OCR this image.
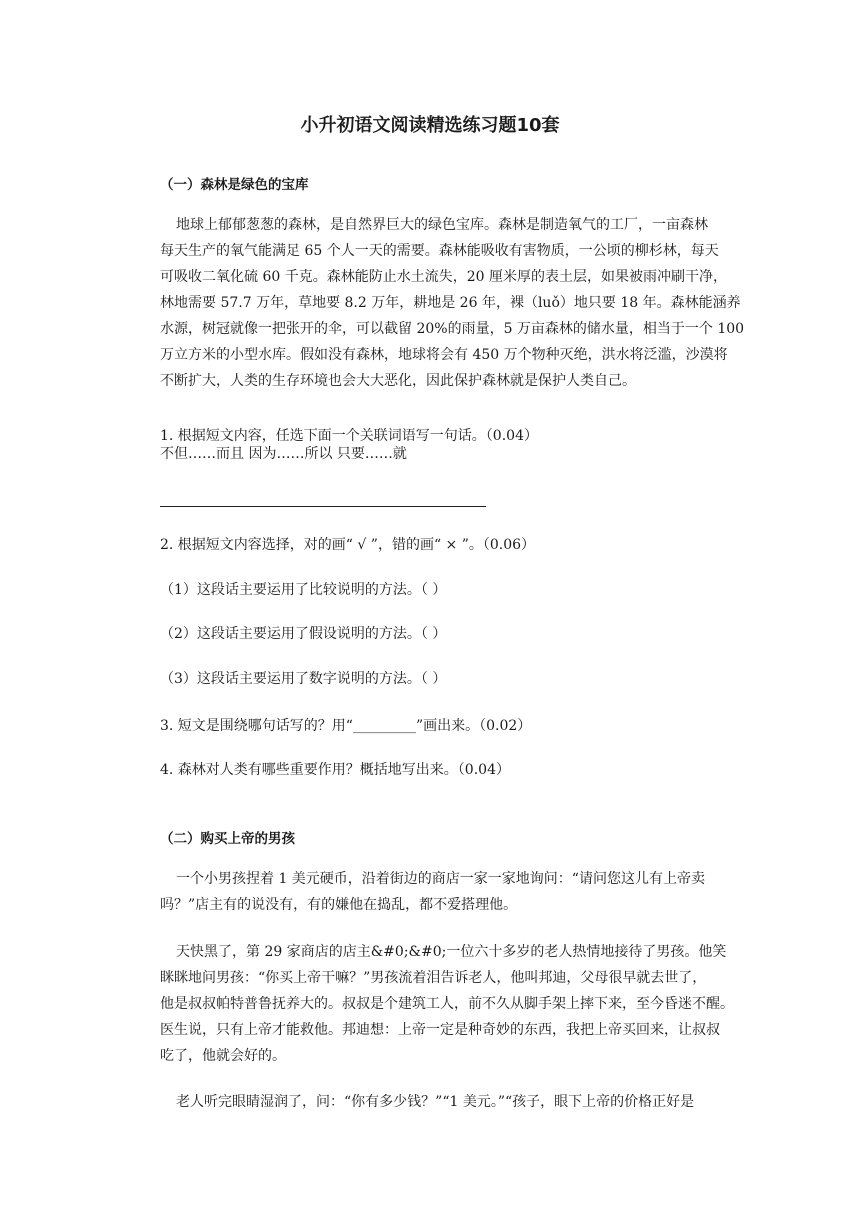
小升初语文阅读精选练习题10套
（一）森林是绿色的宝库
地球上郁郁葱葱的森林，是自然界巨大的绿色宝库。森林是制造氧气的工厂，一亩森林
每天生产的氧气能满足 65 个人一天的需要。森林能吸收有害物质，一公顷的柳杉林，每天
可吸收二氧化硫 60 千克。森林能防止水土流失，20 厘米厚的表土层，如果被雨冲刷干净，
林地需要 57.7 万年，草地要 8.2 万年，耕地是 26 年，裸（luǒ）地只要 18 年。森林能涵养
水源，树冠就像一把张开的伞，可以截留 20%的雨量，5 万亩森林的储水量，相当于一个 100
万立方米的小型水库。假如没有森林，地球将会有 450 万个物种灭绝，洪水将泛滥，沙漠将
不断扩大，人类的生存环境也会大大恶化，因此保护森林就是保护人类自己。
1. 根据短文内容，任选下面一个关联词语写一句话。（0.04）
不但……而且 因为……所以 只要……就
2. 根据短文内容选择，对的画“ √ ”，错的画“ × ”。（0.06）
（1）这段话主要运用了比较说明的方法。（ ）
（2）这段话主要运用了假设说明的方法。（ ）
（3）这段话主要运用了数字说明的方法。（ ）
3. 短文是围绕哪句话写的？用“_________”画出来。（0.02）
4. 森林对人类有哪些重要作用？概括地写出来。（0.04）
（二）购买上帝的男孩
一个小男孩捏着 1 美元硬币，沿着街边的商店一家一家地询问：“请问您这儿有上帝卖
吗？”店主有的说没有，有的嫌他在捣乱，都不爱搭理他。
天快黑了，第 29 家商店的店主&#0;&#0;一位六十多岁的老人热情地接待了男孩。他笑
眯眯地问男孩：“你买上帝干嘛？”男孩流着泪告诉老人，他叫邦迪，父母很早就去世了，
他是叔叔帕特普鲁抚养大的。叔叔是个建筑工人，前不久从脚手架上摔下来，至今昏迷不醒。
医生说，只有上帝才能救他。邦迪想：上帝一定是种奇妙的东西，我把上帝买回来，让叔叔
吃了，他就会好的。
老人听完眼睛湿润了，问：“你有多少钱？”“1 美元。”“孩子，眼下上帝的价格正好是
